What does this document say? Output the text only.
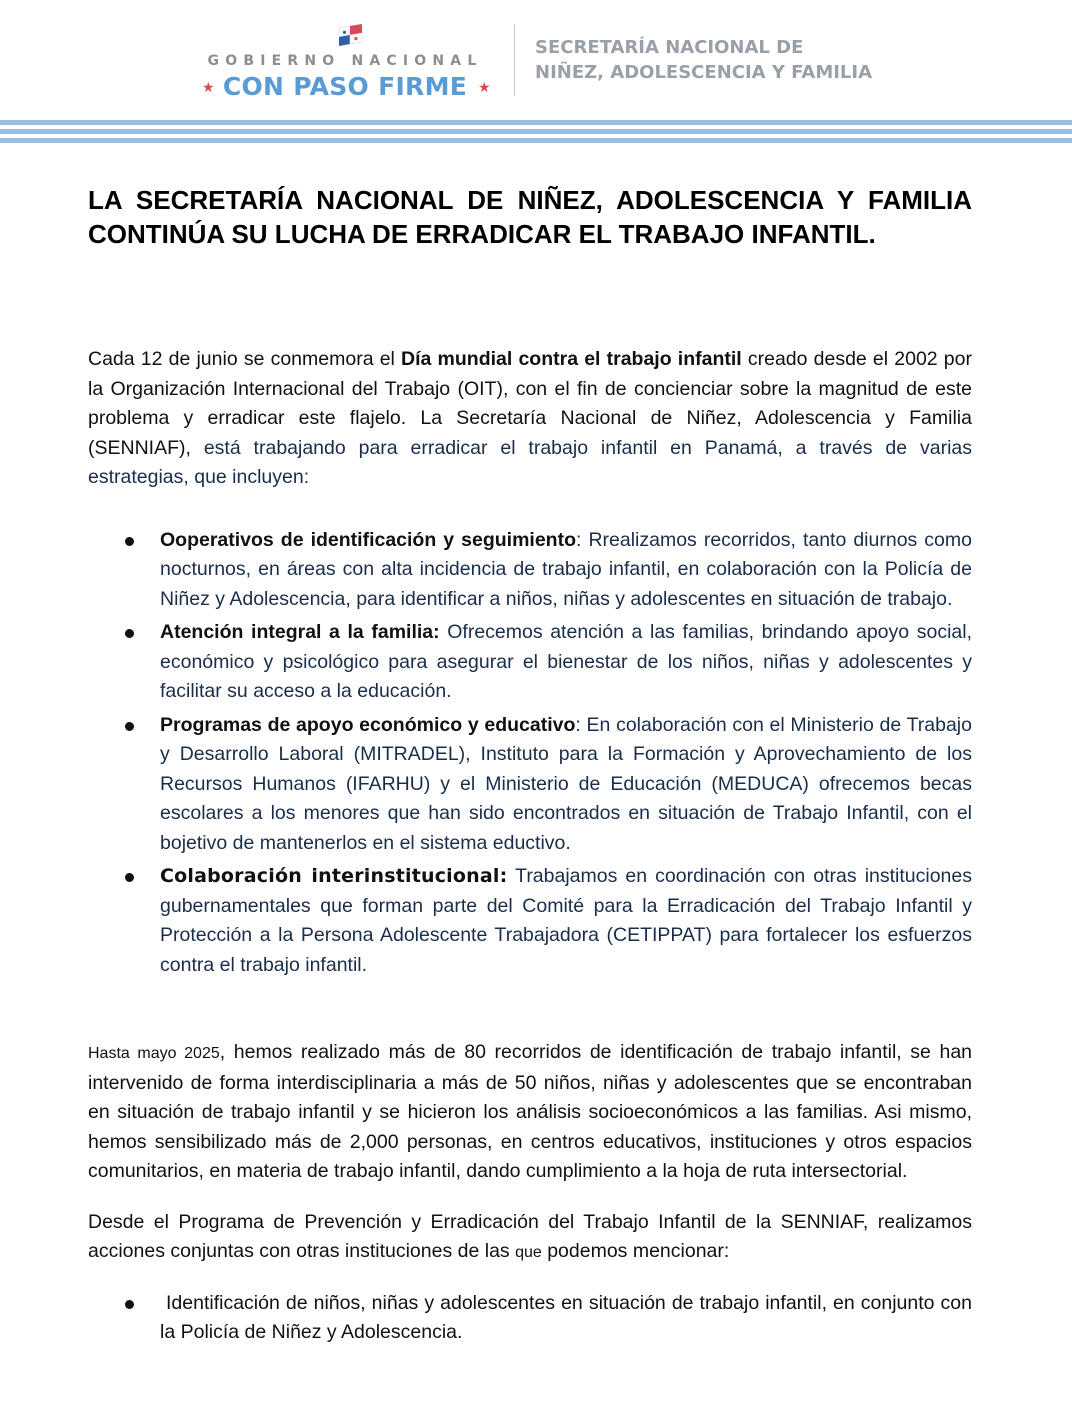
GOBIERNO NACIONAL
★ CON PASO FIRME ★
SECRETARÍA NACIONAL DE
NIÑEZ, ADOLESCENCIA Y FAMILIA
LA SECRETARÍA NACIONAL DE NIÑEZ, ADOLESCENCIA Y FAMILIA
CONTINÚA SU LUCHA DE ERRADICAR EL TRABAJO INFANTIL.

Cada 12 de junio se conmemora el Día mundial contra el trabajo infantil creado desde el 2002 por la Organización Internacional del Trabajo (OIT), con el fin de concienciar sobre la magnitud de este problema y erradicar este flajelo. La Secretaría Nacional de Niñez, Adolescencia y Familia (SENNIAF), está trabajando para erradicar el trabajo infantil en Panamá, a través de varias estrategias, que incluyen:

Ooperativos de identificación y seguimiento: Rrealizamos recorridos, tanto diurnos como nocturnos, en áreas con alta incidencia de trabajo infantil, en colaboración con la Policía de Niñez y Adolescencia, para identificar a niños, niñas y adolescentes en situación de trabajo.
Atención integral a la familia: Ofrecemos atención a las familias, brindando apoyo social, económico y psicológico para asegurar el bienestar de los niños, niñas y adolescentes y facilitar su acceso a la educación.
Programas de apoyo económico y educativo: En colaboración con el Ministerio de Trabajo y Desarrollo Laboral (MITRADEL), Instituto para la Formación y Aprovechamiento de los Recursos Humanos (IFARHU) y el Ministerio de Educación (MEDUCA) ofrecemos becas escolares a los menores que han sido encontrados en situación de Trabajo Infantil, con el bojetivo de mantenerlos en el sistema eductivo.
Colaboración interinstitucional: Trabajamos en coordinación con otras instituciones gubernamentales que forman parte del Comité para la Erradicación del Trabajo Infantil y Protección a la Persona Adolescente Trabajadora (CETIPPAT) para fortalecer los esfuerzos contra el trabajo infantil.

Hasta mayo 2025, hemos realizado más de 80 recorridos de identificación de trabajo infantil, se han intervenido de forma interdisciplinaria a más de 50 niños, niñas y adolescentes que se encontraban en situación de trabajo infantil y se hicieron los análisis socioeconómicos a las familias. Asi mismo, hemos sensibilizado más de 2,000 personas, en centros educativos, instituciones y otros espacios comunitarios, en materia de trabajo infantil, dando cumplimiento a la hoja de ruta intersectorial.

Desde el Programa de Prevención y Erradicación del Trabajo Infantil de la SENNIAF, realizamos acciones conjuntas con otras instituciones de las que podemos mencionar:

Identificación de niños, niñas y adolescentes en situación de trabajo infantil, en conjunto con la Policía de Niñez y Adolescencia.
